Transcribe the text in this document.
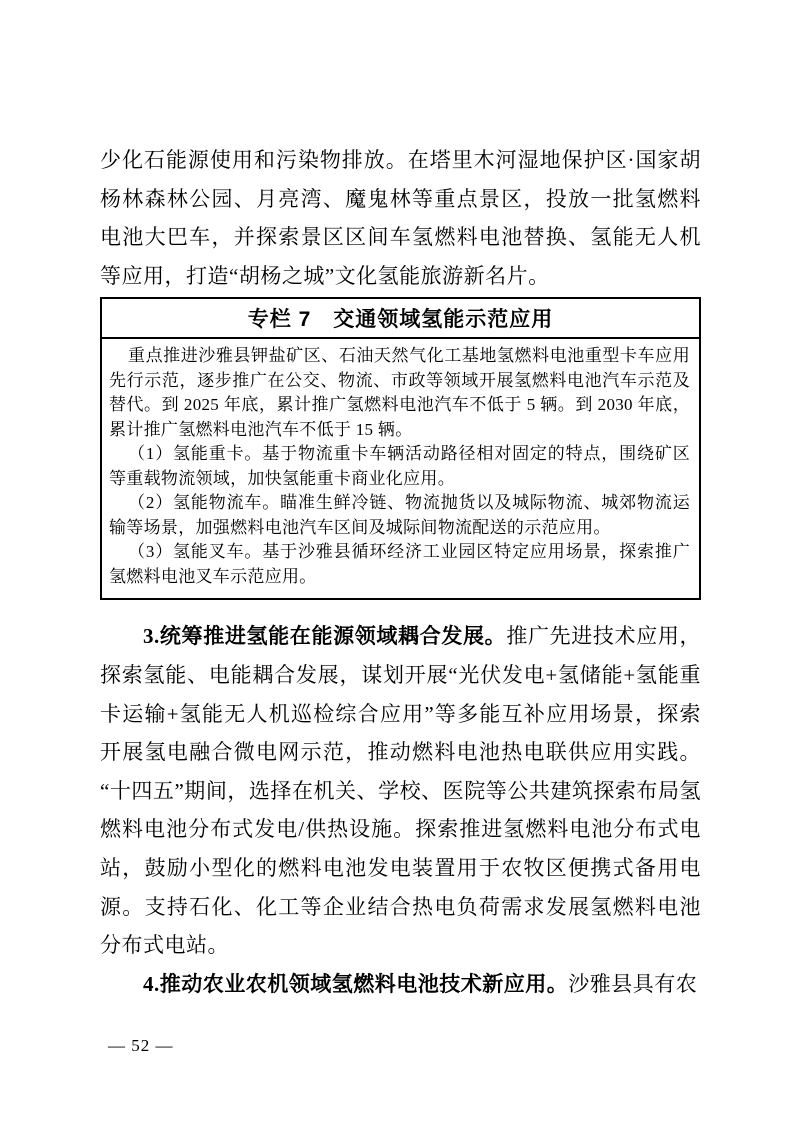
少化石能源使用和污染物排放。在塔里木河湿地保护区·国家胡杨林森林公园、月亮湾、魔鬼林等重点景区，投放一批氢燃料电池大巴车，并探索景区区间车氢燃料电池替换、氢能无人机等应用，打造“胡杨之城”文化氢能旅游新名片。

专栏 7　交通领域氢能示范应用

重点推进沙雅县钾盐矿区、石油天然气化工基地氢燃料电池重型卡车应用先行示范，逐步推广在公交、物流、市政等领域开展氢燃料电池汽车示范及替代。到 2025 年底，累计推广氢燃料电池汽车不低于 5 辆。到 2030 年底，累计推广氢燃料电池汽车不低于 15 辆。

（1）氢能重卡。基于物流重卡车辆活动路径相对固定的特点，围绕矿区等重载物流领域，加快氢能重卡商业化应用。

（2）氢能物流车。瞄准生鲜冷链、物流抛货以及城际物流、城郊物流运输等场景，加强燃料电池汽车区间及城际间物流配送的示范应用。

（3）氢能叉车。基于沙雅县循环经济工业园区特定应用场景，探索推广氢燃料电池叉车示范应用。

3.统筹推进氢能在能源领域耦合发展。推广先进技术应用，探索氢能、电能耦合发展，谋划开展“光伏发电+氢储能+氢能重卡运输+氢能无人机巡检综合应用”等多能互补应用场景，探索开展氢电融合微电网示范，推动燃料电池热电联供应用实践。“十四五”期间，选择在机关、学校、医院等公共建筑探索布局氢燃料电池分布式发电/供热设施。探索推进氢燃料电池分布式电站，鼓励小型化的燃料电池发电装置用于农牧区便携式备用电源。支持石化、化工等企业结合热电负荷需求发展氢燃料电池分布式电站。

4.推动农业农机领域氢燃料电池技术新应用。沙雅县具有农

— 52 —
